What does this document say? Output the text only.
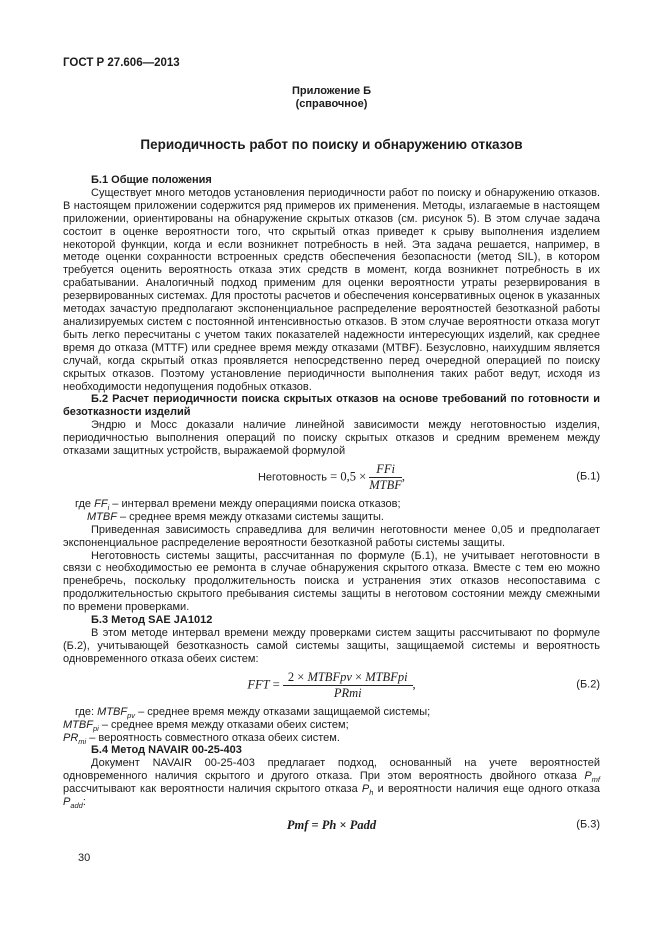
ГОСТ Р 27.606—2013
Приложение Б
(справочное)
Периодичность работ по поиску и обнаружению отказов
Б.1 Общие положения
Существует много методов установления периодичности работ по поиску и обнаружению отказов. В настоящем приложении содержится ряд примеров их применения. Методы, излагаемые в настоящем приложении, ориентированы на обнаружение скрытых отказов (см. рисунок 5). В этом случае задача состоит в оценке вероятности того, что скрытый отказ приведет к срыву выполнения изделием некоторой функции, когда и если возникнет потребность в ней. Эта задача решается, например, в методе оценки сохранности встроенных средств обеспечения безопасности (метод SIL), в котором требуется оценить вероятность отказа этих средств в момент, когда возникнет потребность в их срабатывании. Аналогичный подход применим для оценки вероятности утраты резервирования в резервированных системах. Для простоты расчетов и обеспечения консервативных оценок в указанных методах зачастую предполагают экспоненциальное распределение вероятностей безотказной работы анализируемых систем с постоянной интенсивностью отказов. В этом случае вероятности отказа могут быть легко пересчитаны с учетом таких показателей надежности интересующих изделий, как среднее время до отказа (MTTF) или среднее время между отказами (MTBF). Безусловно, наихудшим является случай, когда скрытый отказ проявляется непосредственно перед очередной операцией по поиску скрытых отказов. Поэтому установление периодичности выполнения таких работ ведут, исходя из необходимости недопущения подобных отказов.
Б.2 Расчет периодичности поиска скрытых отказов на основе требований по готовности и безотказности изделий
Эндрю и Мосс доказали наличие линейной зависимости между неготовностью изделия, периодичностью выполнения операций по поиску скрытых отказов и средним временем между отказами защитных устройств, выражаемой формулой
Неготовность = $0,5 \times \frac{\text{FFi}}{\text{MTBF}}$ ,	(Б.1)
где $FF_i$ – интервал времени между операциями поиска отказов;
MTBF – среднее время между отказами системы защиты.
Приведенная зависимость справедлива для величин неготовности менее 0,05 и предполагает экспоненциальное распределение вероятности безотказной работы системы защиты.
Неготовность системы защиты, рассчитанная по формуле (Б.1), не учитывает неготовности в связи с необходимостью ее ремонта в случае обнаружения скрытого отказа. Вместе с тем ею можно пренебречь, поскольку продолжительность поиска и устранения этих отказов несопоставима с продолжительностью скрытого пребывания системы защиты в неготовом состоянии между смежными по времени проверками.
Б.3 Метод SAE JA1012
В этом методе интервал времени между проверками систем защиты рассчитывают по формуле (Б.2), учитывающей безотказность самой системы защиты, защищаемой системы и вероятность одновременного отказа обеих систем:
FFT = $\frac{\text{2 × MTBFpv × MTBFpi}}{\text{PRmi}}$ ,	(Б.2)
где: $MTBF_{pv}$ – среднее время между отказами защищаемой системы;
$MTBF_{pi}$ – среднее время между отказами обеих систем;
$PR_{mi}$ – вероятность совместного отказа обеих систем.
Б.4 Метод NAVAIR 00-25-403
Документ NAVAIR 00-25-403 предлагает подход, основанный на учете вероятностей одновременного наличия скрытого и другого отказа. При этом вероятность двойного отказа $P_{mf}$ рассчитывают как вероятности наличия скрытого отказа $P_h$ и вероятности наличия еще одного отказа $P_{add}$:
Pmf = Ph × Padd	(Б.3)
30
